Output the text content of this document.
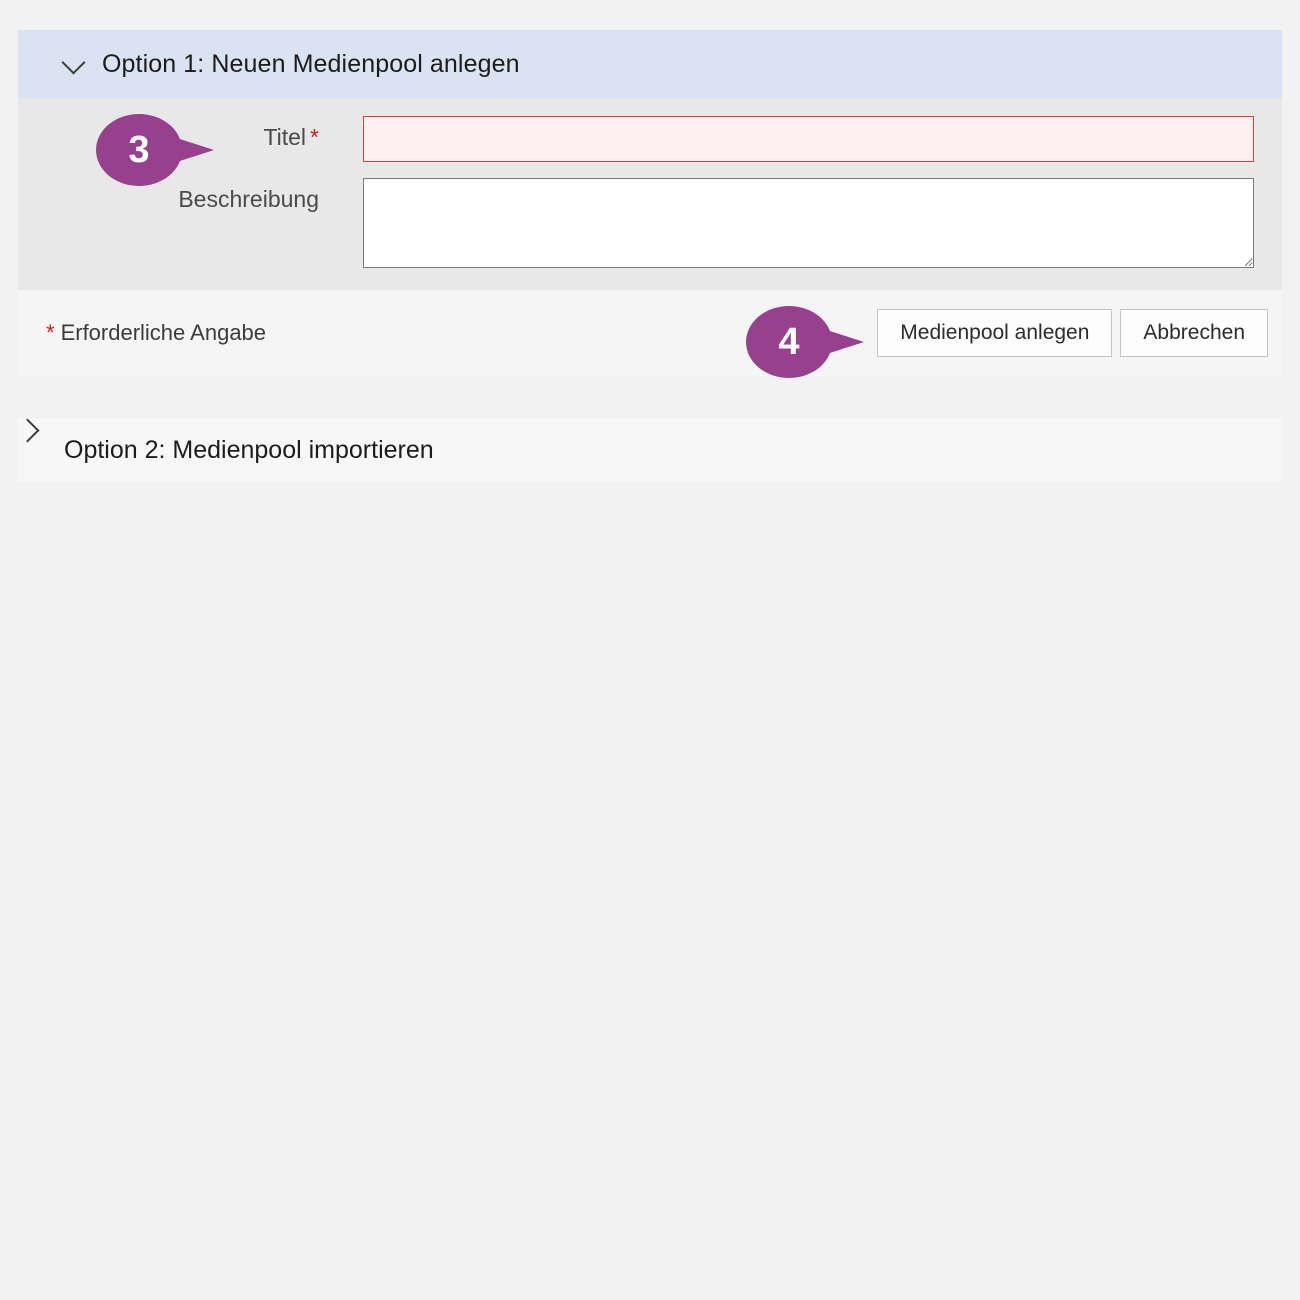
Option 1: Neuen Medienpool anlegen
Titel *
Beschreibung
* Erforderliche Angabe	Medienpool anlegen	Abbrechen
Option 2: Medienpool importieren
3
4
